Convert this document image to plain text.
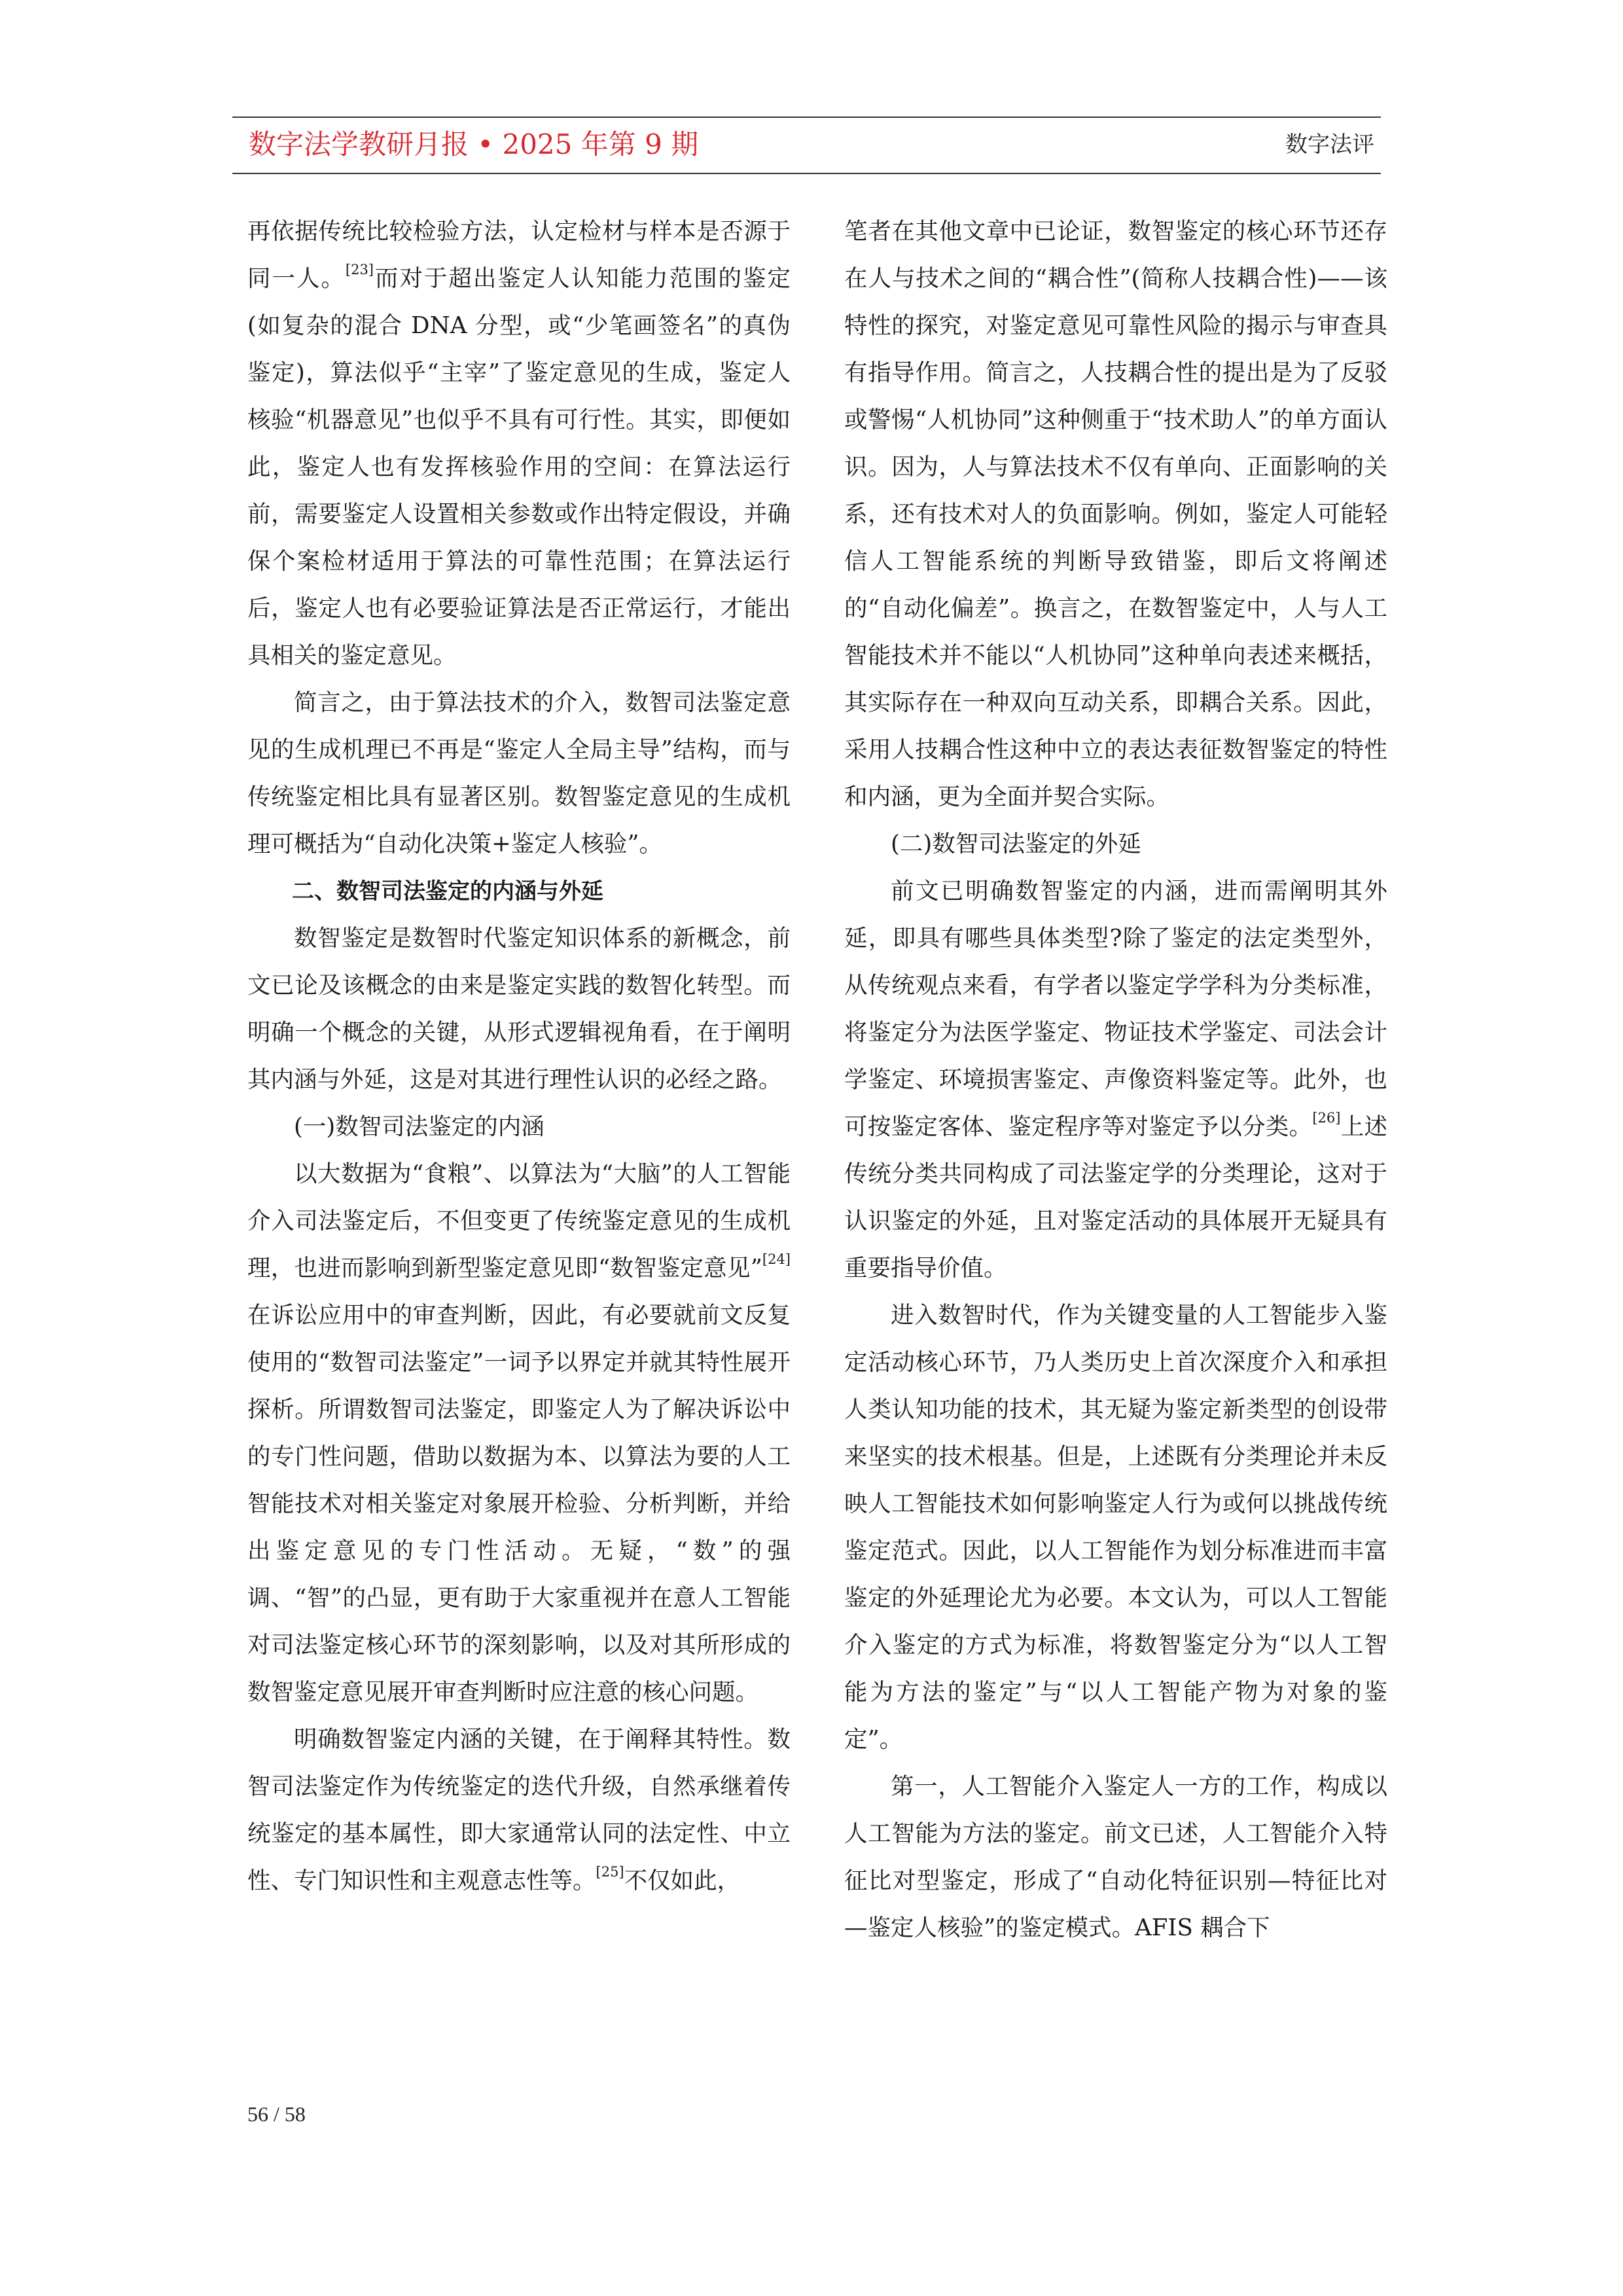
数字法学教研月报 • 2025 年第 9 期	数字法评

再依据传统比较检验方法，认定检材与样本是否源于同一人。[23]而对于超出鉴定人认知能力范围的鉴定(如复杂的混合 DNA 分型，或“少笔画签名”的真伪鉴定)，算法似乎“主宰”了鉴定意见的生成，鉴定人核验“机器意见”也似乎不具有可行性。其实，即便如此，鉴定人也有发挥核验作用的空间：在算法运行前，需要鉴定人设置相关参数或作出特定假设，并确保个案检材适用于算法的可靠性范围；在算法运行后，鉴定人也有必要验证算法是否正常运行，才能出具相关的鉴定意见。

简言之，由于算法技术的介入，数智司法鉴定意见的生成机理已不再是“鉴定人全局主导”结构，而与传统鉴定相比具有显著区别。数智鉴定意见的生成机理可概括为“自动化决策+鉴定人核验”。

二、数智司法鉴定的内涵与外延

数智鉴定是数智时代鉴定知识体系的新概念，前文已论及该概念的由来是鉴定实践的数智化转型。而明确一个概念的关键，从形式逻辑视角看，在于阐明其内涵与外延，这是对其进行理性认识的必经之路。

(一)数智司法鉴定的内涵

以大数据为“食粮”、以算法为“大脑”的人工智能介入司法鉴定后，不但变更了传统鉴定意见的生成机理，也进而影响到新型鉴定意见即“数智鉴定意见”[24]在诉讼应用中的审查判断，因此，有必要就前文反复使用的“数智司法鉴定”一词予以界定并就其特性展开探析。所谓数智司法鉴定，即鉴定人为了解决诉讼中的专门性问题，借助以数据为本、以算法为要的人工智能技术对相关鉴定对象展开检验、分析判断，并给出鉴定意见的专门性活动。无疑，“数”的强调、“智”的凸显，更有助于大家重视并在意人工智能对司法鉴定核心环节的深刻影响，以及对其所形成的数智鉴定意见展开审查判断时应注意的核心问题。

明确数智鉴定内涵的关键，在于阐释其特性。数智司法鉴定作为传统鉴定的迭代升级，自然承继着传统鉴定的基本属性，即大家通常认同的法定性、中立性、专门知识性和主观意志性等。[25]不仅如此，

笔者在其他文章中已论证，数智鉴定的核心环节还存在人与技术之间的“耦合性”(简称人技耦合性)——该特性的探究，对鉴定意见可靠性风险的揭示与审查具有指导作用。简言之，人技耦合性的提出是为了反驳或警惕“人机协同”这种侧重于“技术助人”的单方面认识。因为，人与算法技术不仅有单向、正面影响的关系，还有技术对人的负面影响。例如，鉴定人可能轻信人工智能系统的判断导致错鉴，即后文将阐述的“自动化偏差”。换言之，在数智鉴定中，人与人工智能技术并不能以“人机协同”这种单向表述来概括，其实际存在一种双向互动关系，即耦合关系。因此，采用人技耦合性这种中立的表达表征数智鉴定的特性和内涵，更为全面并契合实际。

(二)数智司法鉴定的外延

前文已明确数智鉴定的内涵，进而需阐明其外延，即具有哪些具体类型?除了鉴定的法定类型外，从传统观点来看，有学者以鉴定学学科为分类标准，将鉴定分为法医学鉴定、物证技术学鉴定、司法会计学鉴定、环境损害鉴定、声像资料鉴定等。此外，也可按鉴定客体、鉴定程序等对鉴定予以分类。[26]上述传统分类共同构成了司法鉴定学的分类理论，这对于认识鉴定的外延，且对鉴定活动的具体展开无疑具有重要指导价值。

进入数智时代，作为关键变量的人工智能步入鉴定活动核心环节，乃人类历史上首次深度介入和承担人类认知功能的技术，其无疑为鉴定新类型的创设带来坚实的技术根基。但是，上述既有分类理论并未反映人工智能技术如何影响鉴定人行为或何以挑战传统鉴定范式。因此，以人工智能作为划分标准进而丰富鉴定的外延理论尤为必要。本文认为，可以人工智能介入鉴定的方式为标准，将数智鉴定分为“以人工智能为方法的鉴定”与“以人工智能产物为对象的鉴定”。

第一，人工智能介入鉴定人一方的工作，构成以人工智能为方法的鉴定。前文已述，人工智能介入特征比对型鉴定，形成了“自动化特征识别—特征比对—鉴定人核验”的鉴定模式。AFIS 耦合下

56 / 58
